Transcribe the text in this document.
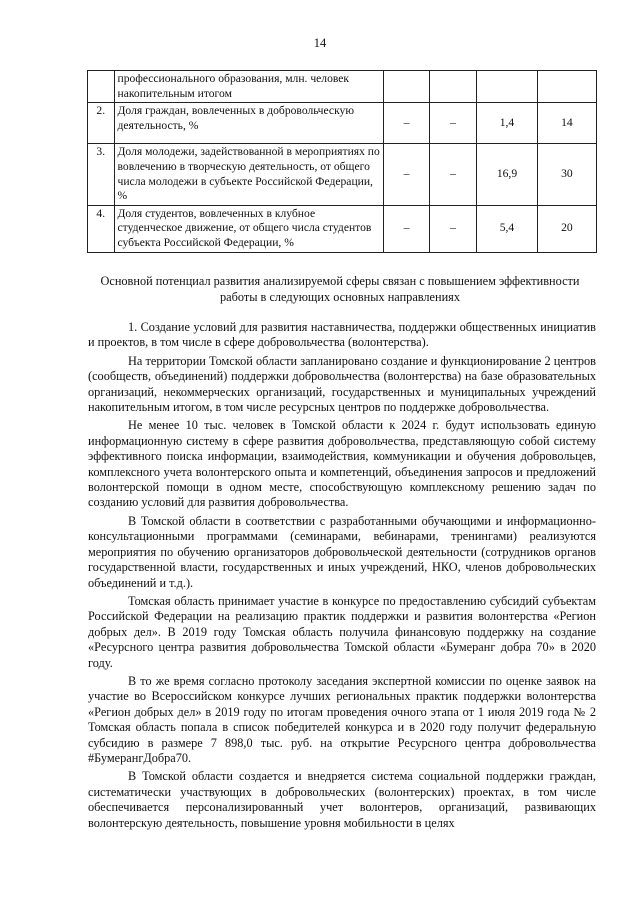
14
	профессионального образования, млн. человек накопительным итогом				
2.	Доля граждан, вовлеченных в добровольческую деятельность, %	–	–	1,4	14
3.	Доля молодежи, задействованной в мероприятиях по вовлечению в творческую деятельность, от общего числа молодежи в субъекте Российской Федерации, %	–	–	16,9	30
4.	Доля студентов, вовлеченных в клубное студенческое движение, от общего числа студентов субъекта Российской Федерации, %	–	–	5,4	20
Основной потенциал развития анализируемой сферы связан с повышением эффективности работы в следующих основных направлениях

1. Создание условий для развития наставничества, поддержки общественных инициатив и проектов, в том числе в сфере добровольчества (волонтерства).

На территории Томской области запланировано создание и функционирование 2 центров (сообществ, объединений) поддержки добровольчества (волонтерства) на базе образовательных организаций, некоммерческих организаций, государственных и муниципальных учреждений накопительным итогом, в том числе ресурсных центров по поддержке добровольчества.

Не менее 10 тыс. человек в Томской области к 2024 г. будут использовать единую информационную систему в сфере развития добровольчества, представляющую собой систему эффективного поиска информации, взаимодействия, коммуникации и обучения добровольцев, комплексного учета волонтерского опыта и компетенций, объединения запросов и предложений волонтерской помощи в одном месте, способствующую комплексному решению задач по созданию условий для развития добровольчества.

В Томской области в соответствии с разработанными обучающими и информационно-консультационными программами (семинарами, вебинарами, тренингами) реализуются мероприятия по обучению организаторов добровольческой деятельности (сотрудников органов государственной власти, государственных и иных учреждений, НКО, членов добровольческих объединений и т.д.).

Томская область принимает участие в конкурсе по предоставлению субсидий субъектам Российской Федерации на реализацию практик поддержки и развития волонтерства «Регион добрых дел». В 2019 году Томская область получила финансовую поддержку на создание «Ресурсного центра развития добровольчества Томской области «Бумеранг добра 70» в 2020 году.

В то же время согласно протоколу заседания экспертной комиссии по оценке заявок на участие во Всероссийском конкурсе лучших региональных практик поддержки волонтерства «Регион добрых дел» в 2019 году по итогам проведения очного этапа от 1 июля 2019 года № 2 Томская область попала в список победителей конкурса и в 2020 году получит федеральную субсидию в размере 7 898,0 тыс. руб. на открытие Ресурсного центра добровольчества #БумерангДобра70.

В Томской области создается и внедряется система социальной поддержки граждан, систематически участвующих в добровольческих (волонтерских) проектах, в том числе обеспечивается персонализированный учет волонтеров, организаций, развивающих волонтерскую деятельность, повышение уровня мобильности в целях
